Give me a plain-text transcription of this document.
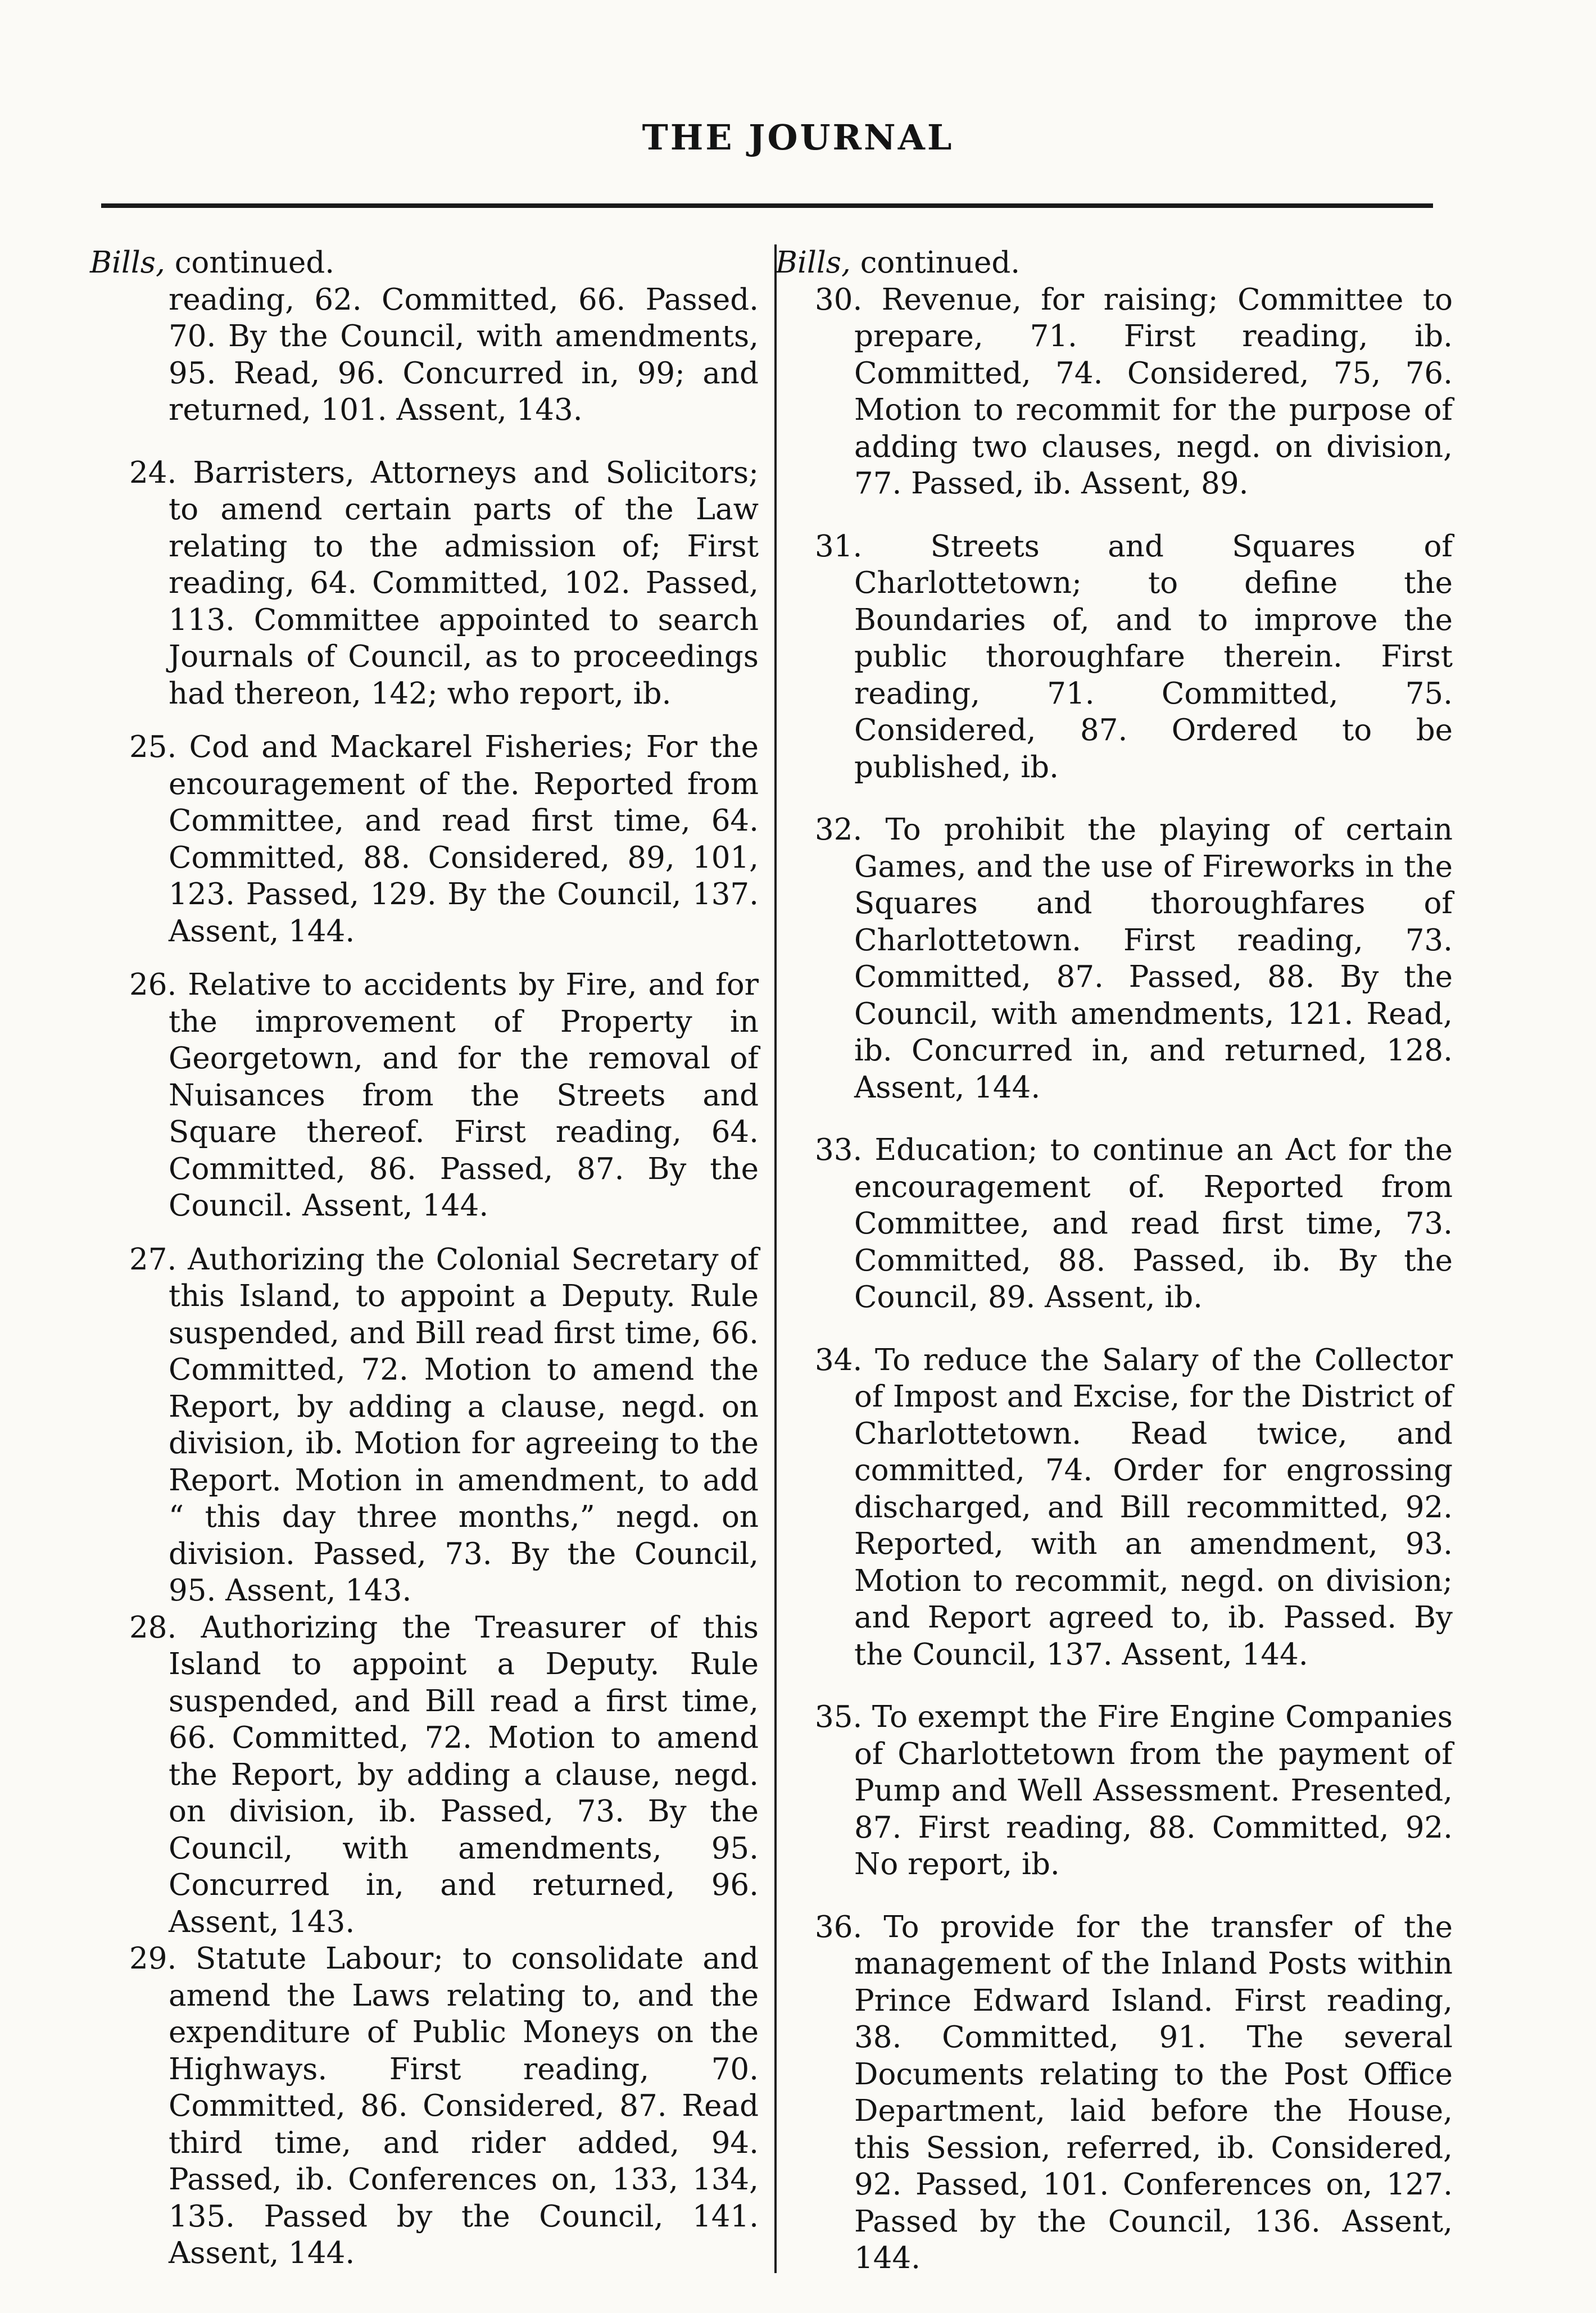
THE JOURNAL

Bills, continued.

reading, 62. Committed, 66. Passed. 70. By the Council, with amendments, 95. Read, 96. Concurred in, 99; and returned, 101. Assent, 143.

24. Barristers, Attorneys and Solicitors; to amend certain parts of the Law relating to the admission of; First reading, 64. Committed, 102. Passed, 113. Committee appointed to search Journals of Council, as to proceedings had thereon, 142; who report, ib.

25. Cod and Mackarel Fisheries; For the encouragement of the. Reported from Committee, and read first time, 64. Committed, 88. Considered, 89, 101, 123. Passed, 129. By the Council, 137. Assent, 144.

26. Relative to accidents by Fire, and for the improvement of Property in Georgetown, and for the removal of Nuisances from the Streets and Square thereof. First reading, 64. Committed, 86. Passed, 87. By the Council. Assent, 144.

27. Authorizing the Colonial Secretary of this Island, to appoint a Deputy. Rule suspended, and Bill read first time, 66. Committed, 72. Motion to amend the Report, by adding a clause, negd. on division, ib. Motion for agreeing to the Report. Motion in amendment, to add “ this day three months,” negd. on division. Passed, 73. By the Council, 95. Assent, 143.

28. Authorizing the Treasurer of this Island to appoint a Deputy. Rule suspended, and Bill read a first time, 66. Committed, 72. Motion to amend the Report, by adding a clause, negd. on division, ib. Passed, 73. By the Council, with amendments, 95. Concurred in, and returned, 96. Assent, 143.

29. Statute Labour; to consolidate and amend the Laws relating to, and the expenditure of Public Moneys on the Highways. First reading, 70. Committed, 86. Considered, 87. Read third time, and rider added, 94. Passed, ib. Conferences on, 133, 134, 135. Passed by the Council, 141. Assent, 144.

Bills, continued.

30. Revenue, for raising; Committee to prepare, 71. First reading, ib. Committed, 74. Considered, 75, 76. Motion to recommit for the purpose of adding two clauses, negd. on division, 77. Passed, ib. Assent, 89.

31. Streets and Squares of Charlottetown; to define the Boundaries of, and to improve the public thoroughfare therein. First reading, 71. Committed, 75. Considered, 87. Ordered to be published, ib.

32. To prohibit the playing of certain Games, and the use of Fireworks in the Squares and thoroughfares of Charlottetown. First reading, 73. Committed, 87. Passed, 88. By the Council, with amendments, 121. Read, ib. Concurred in, and returned, 128. Assent, 144.

33. Education; to continue an Act for the encouragement of. Reported from Committee, and read first time, 73. Committed, 88. Passed, ib. By the Council, 89. Assent, ib.

34. To reduce the Salary of the Collector of Impost and Excise, for the District of Charlottetown. Read twice, and committed, 74. Order for engrossing discharged, and Bill recommitted, 92. Reported, with an amendment, 93. Motion to recommit, negd. on division; and Report agreed to, ib. Passed. By the Council, 137. Assent, 144.

35. To exempt the Fire Engine Companies of Charlottetown from the payment of Pump and Well Assessment. Presented, 87. First reading, 88. Committed, 92. No report, ib.

36. To provide for the transfer of the management of the Inland Posts within Prince Edward Island. First reading, 38. Committed, 91. The several Documents relating to the Post Office Department, laid before the House, this Session, referred, ib. Considered, 92. Passed, 101. Conferences on, 127. Passed by the Council, 136. Assent, 144.
